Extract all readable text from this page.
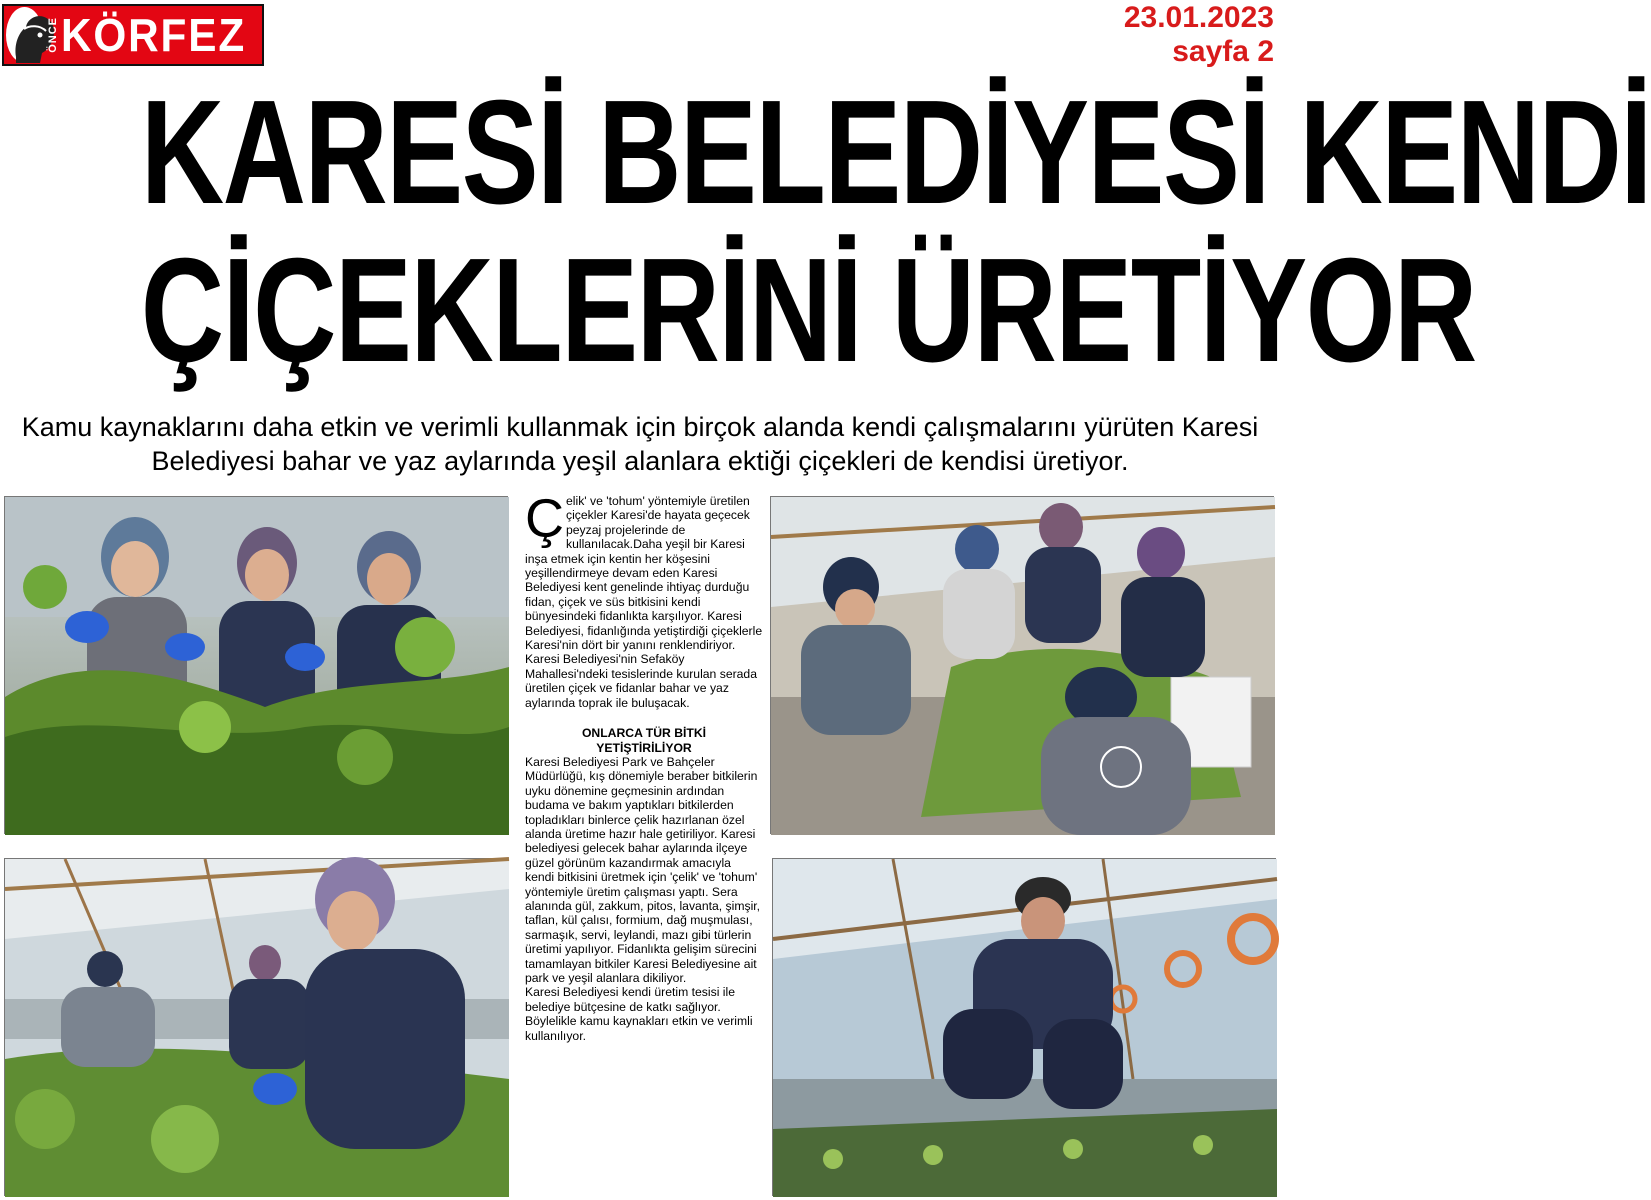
ÖNCE KÖRFEZ	23.01.2023
sayfa 2
KARESİ BELEDİYESİ KENDİ
ÇİÇEKLERİNİ ÜRETİYOR
Kamu kaynaklarını daha etkin ve verimli kullanmak için birçok alanda kendi çalışmalarını yürüten Karesi Belediyesi bahar ve yaz aylarında yeşil alanlara ektiği çiçekleri de kendisi üretiyor.

Çelik' ve 'tohum' yöntemiyle üretilen çiçekler Karesi'de hayata geçecek peyzaj projelerinde de kullanılacak.Daha yeşil bir Karesi inşa etmek için kentin her köşesini yeşillendirmeye devam eden Karesi Belediyesi kent genelinde ihtiyaç durduğu fidan, çiçek ve süs bitkisini kendi bünyesindeki fidanlıkta karşılıyor. Karesi Belediyesi, fidanlığında yetiştirdiği çiçeklerle Karesi'nin dört bir yanını renklendiriyor. Karesi Belediyesi'nin Sefaköy Mahallesi'ndeki tesislerinde kurulan serada üretilen çiçek ve fidanlar bahar ve yaz aylarında toprak ile buluşacak.

ONLARCA TÜR BİTKİ YETİŞTİRİLİYOR

Karesi Belediyesi Park ve Bahçeler Müdürlüğü, kış dönemiyle beraber bitkilerin uyku dönemine geçmesinin ardından budama ve bakım yaptıkları bitkilerden topladıkları binlerce çelik hazırlanan özel alanda üretime hazır hale getiriliyor. Karesi belediyesi gelecek bahar aylarında ilçeye güzel görünüm kazandırmak amacıyla kendi bitkisini üretmek için 'çelik' ve 'tohum' yöntemiyle üretim çalışması yaptı. Sera alanında gül, zakkum, pitos, lavanta, şimşir, taflan, kül çalısı, formium, dağ muşmulası, sarmaşık, servi, leylandi, mazı gibi türlerin üretimi yapılıyor. Fidanlıkta gelişim sürecini tamamlayan bitkiler Karesi Belediyesine ait park ve yeşil alanlara dikiliyor.

Karesi Belediyesi kendi üretim tesisi ile belediye bütçesine de katkı sağlıyor. Böylelikle kamu kaynakları etkin ve verimli kullanılıyor.
